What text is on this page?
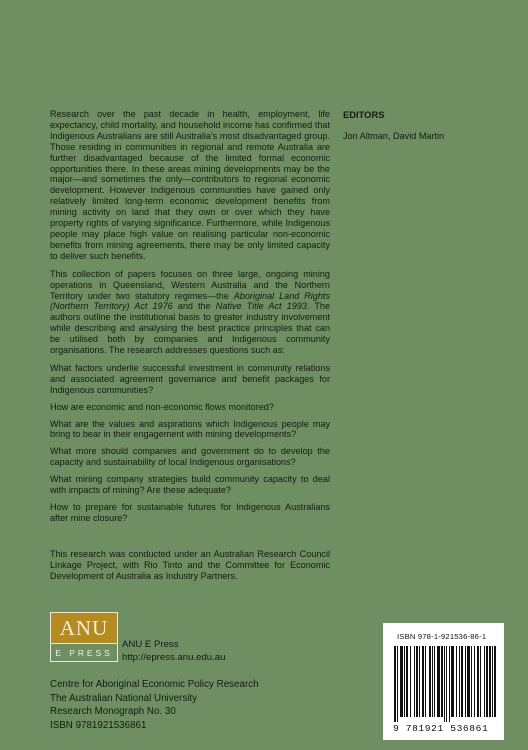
Research over the past decade in health, employment, life expectancy, child mortality, and household income has confirmed that Indigenous Australians are still Australia's most disadvantaged group. Those residing in communities in regional and remote Australia are further disadvantaged because of the limited formal economic opportunities there. In these areas mining developments may be the major—and sometimes the only—contributors to regional economic development. However Indigenous communities have gained only relatively limited long-term economic development benefits from mining activity on land that they own or over which they have property rights of varying significance. Furthermore, while Indigenous people may place high value on realising particular non-economic benefits from mining agreements, there may be only limited capacity to deliver such benefits.

This collection of papers focuses on three large, ongoing mining operations in Queensland, Western Australia and the Northern Territory under two statutory regimes—the Aboriginal Land Rights (Northern Territory) Act 1976 and the Native Title Act 1993. The authors outline the institutional basis to greater industry involvement while describing and analysing the best practice principles that can be utilised both by companies and Indigenous community organisations. The research addresses questions such as:

What factors underlie successful investment in community relations and associated agreement governance and benefit packages for Indigenous communities?

How are economic and non-economic flows monitored?

What are the values and aspirations which Indigenous people may bring to bear in their engagement with mining developments?

What more should companies and government do to develop the capacity and sustainability of local Indigenous organisations?

What mining company strategies build community capacity to deal with impacts of mining? Are these adequate?

How to prepare for sustainable futures for Indigenous Australians after mine closure?

This research was conducted under an Australian Research Council Linkage Project, with Rio Tinto and the Committee for Economic Development of Australia as Industry Partners.

EDITORS
Jon Altman, David Martin
ANU
E PRESS
ANU E Press
http://epress.anu.edu.au
Centre for Aboriginal Economic Policy Research
The Australian National University
Research Monograph No. 30
ISBN 9781921536861
ISBN 978-1-921536-86-1
9 781921 536861
